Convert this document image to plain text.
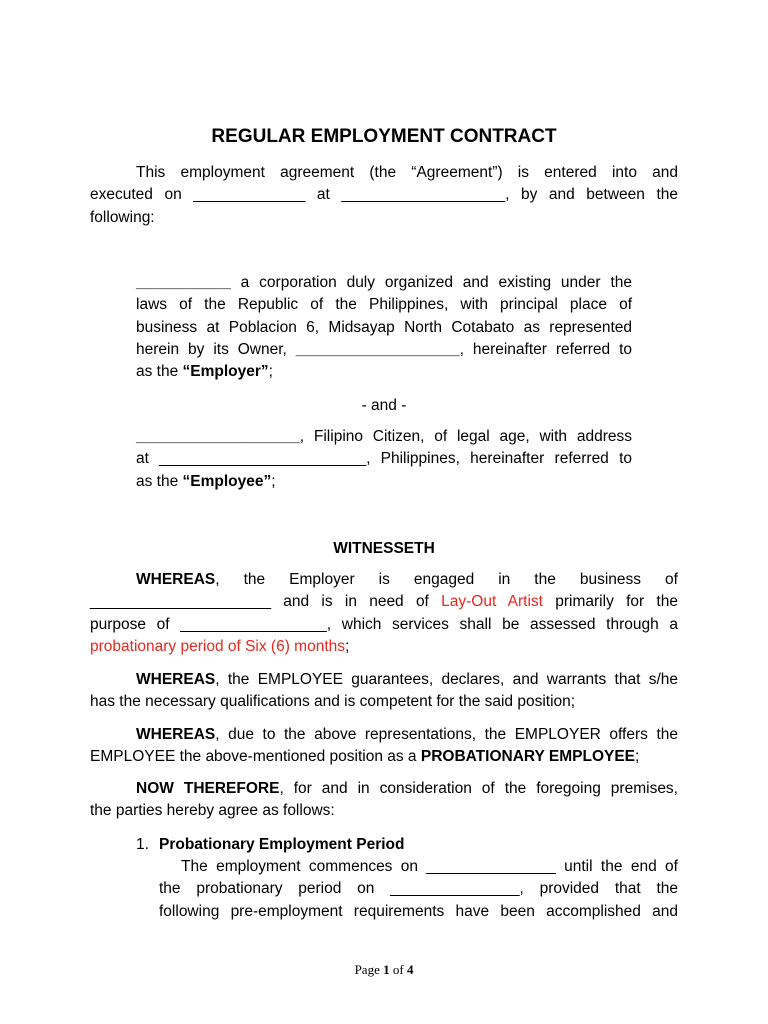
REGULAR EMPLOYMENT CONTRACT
This employment agreement (the “Agreement”) is entered into and
executed on _____________ at ___________________, by and between the
following:
___________ a corporation duly organized and existing under the
laws of the Republic of the Philippines, with principal place of
business at Poblacion 6, Midsayap North Cotabato as represented
herein by its Owner, ___________________, hereinafter referred to
as the “Employer”;
- and -
___________________, Filipino Citizen, of legal age, with address
at ________________________, Philippines, hereinafter referred to
as the “Employee”;
WITNESSETH
WHEREAS, the Employer is engaged in the business of
_____________________ and is in need of Lay-Out Artist primarily for the
purpose of _________________, which services shall be assessed through a
probationary period of Six (6) months;
WHEREAS, the EMPLOYEE guarantees, declares, and warrants that s/he
has the necessary qualifications and is competent for the said position;
WHEREAS, due to the above representations, the EMPLOYER offers the
EMPLOYEE the above-mentioned position as a PROBATIONARY EMPLOYEE;
NOW THEREFORE, for and in consideration of the foregoing premises,
the parties hereby agree as follows:
1. Probationary Employment Period
The employment commences on _______________ until the end of
the probationary period on _______________, provided that the
following pre-employment requirements have been accomplished and
Page 1 of 4
